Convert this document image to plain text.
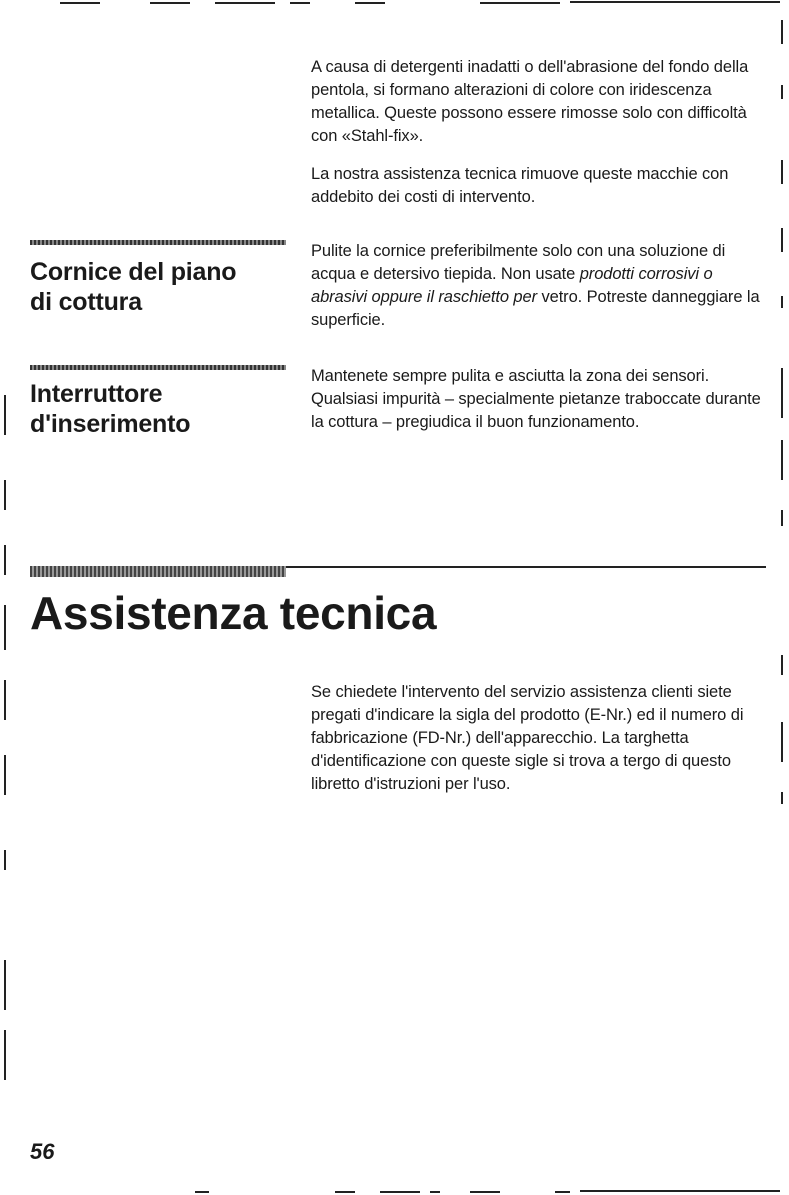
A causa di detergenti inadatti o dell'abrasione del fondo della pentola, si formano alterazioni di colore con iridescenza metallica. Queste possono essere rimosse solo con difficoltà con «Stahl-fix».

La nostra assistenza tecnica rimuove queste macchie con addebito dei costi di intervento.

Cornice del piano
di cottura

Pulite la cornice preferibilmente solo con una soluzione di acqua e detersivo tiepida. Non usate prodotti corrosivi o abrasivi oppure il raschietto per vetro. Potreste danneggiare la superficie.

Interruttore
d'inserimento

Mantenete sempre pulita e asciutta la zona dei sensori. Qualsiasi impurità – specialmente pietanze traboccate durante la cottura – pregiudica il buon funzionamento.

Assistenza tecnica

Se chiedete l'intervento del servizio assistenza clienti siete pregati d'indicare la sigla del prodotto (E-Nr.) ed il numero di fabbricazione (FD-Nr.) dell'apparecchio. La targhetta d'identificazione con queste sigle si trova a tergo di questo libretto d'istruzioni per l'uso.

56
